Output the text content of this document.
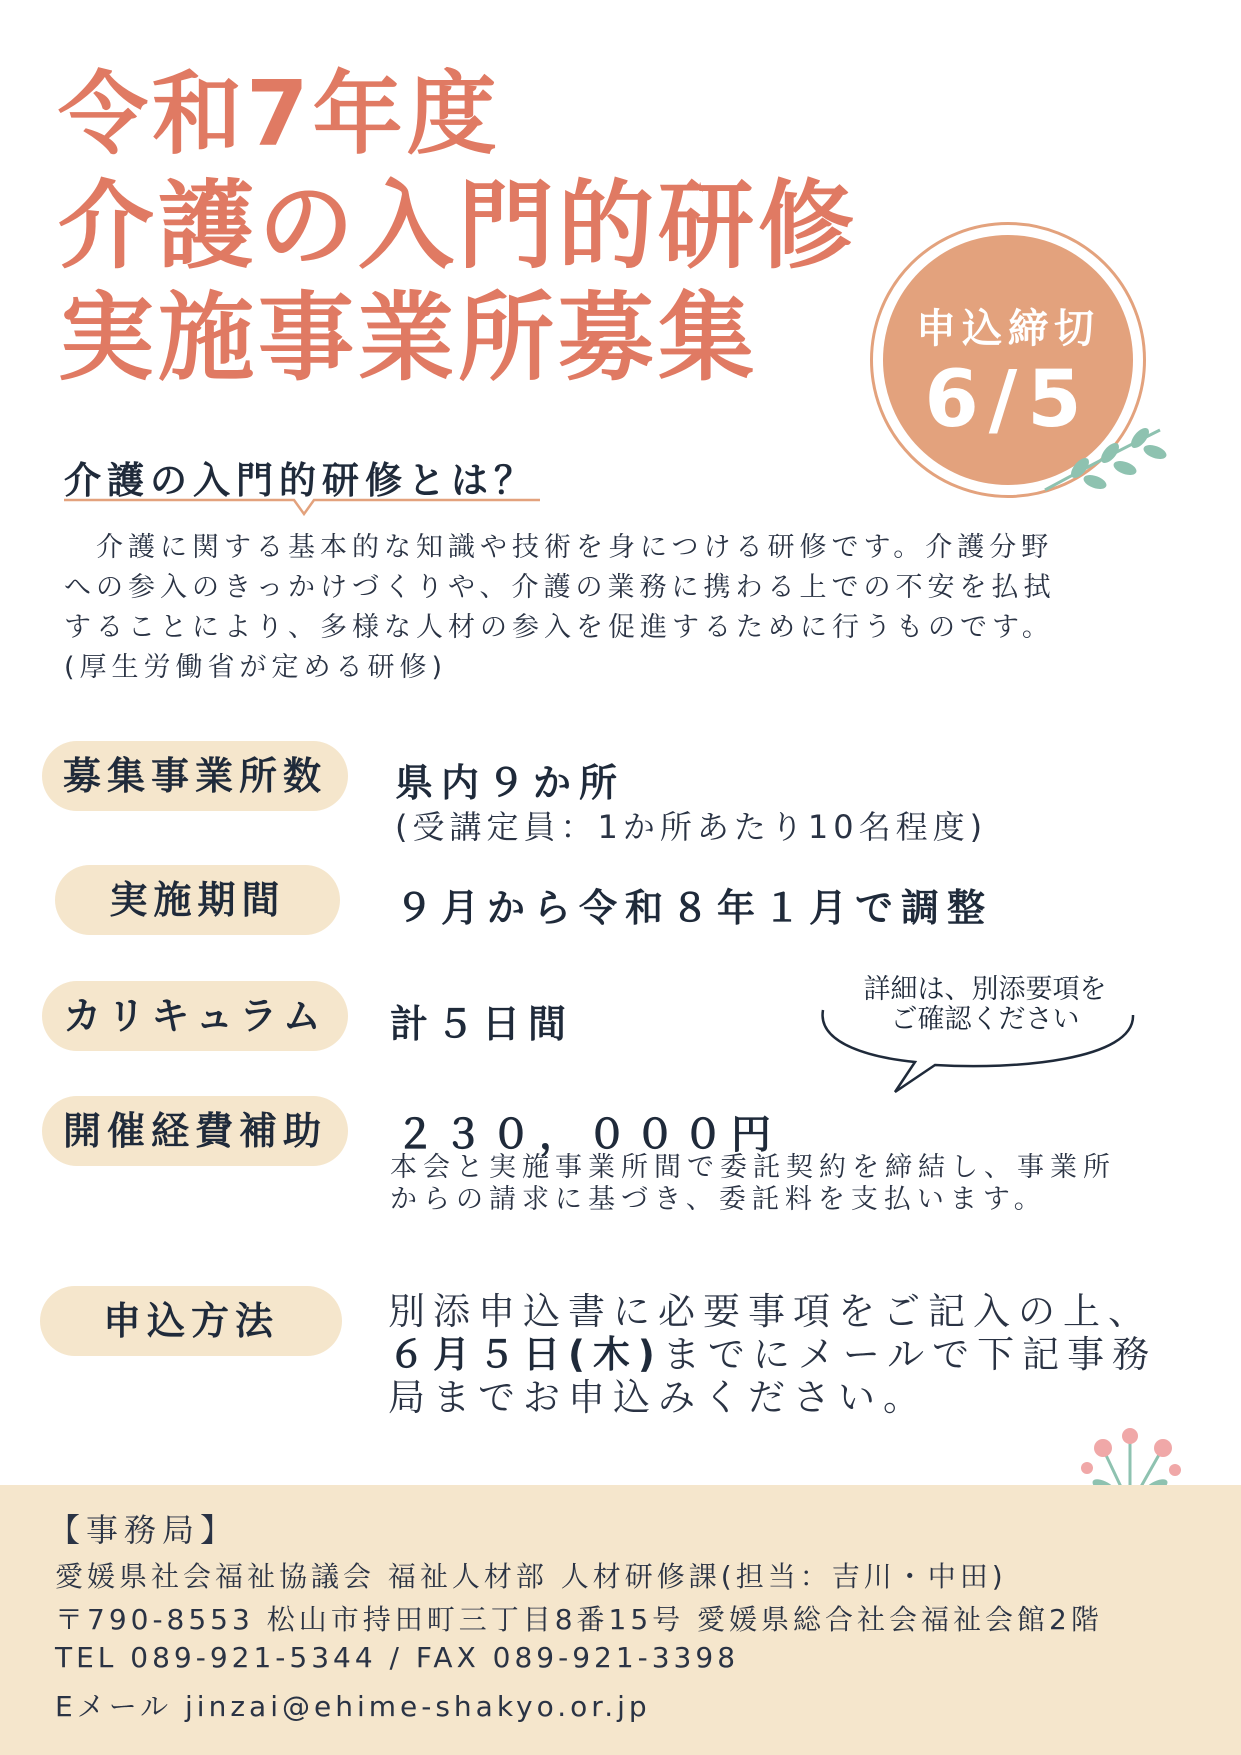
令和7年度
介護の入門的研修
実施事業所募集	申込締切
6/5
介護の入門的研修とは？

　介護に関する基本的な知識や技術を身につける研修です。介護分野

への参入のきっかけづくりや、介護の業務に携わる上での不安を払拭

することにより、多様な人材の参入を促進するために行うものです。

(厚生労働省が定める研修)

募集事業所数	県内９か所
(受講定員：1か所あたり10名程度)
実施期間	９月から令和８年１月で調整
カリキュラム	計５日間

詳細は、別添要項を

ご確認ください

開催経費補助	２３０，０００円

本会と実施事業所間で委託契約を締結し、事業所

からの請求に基づき、委託料を支払います。

申込方法	別添申込書に必要事項をご記入の上、

６月５日(木)までにメールで下記事務

局までお申込みください。

【事務局】
愛媛県社会福祉協議会 福祉人材部 人材研修課(担当：吉川・中田)
〒790-8553 松山市持田町三丁目8番15号 愛媛県総合社会福祉会館2階
TEL 089-921-5344 / FAX 089-921-3398
Eメール jinzai@ehime-shakyo.or.jp
